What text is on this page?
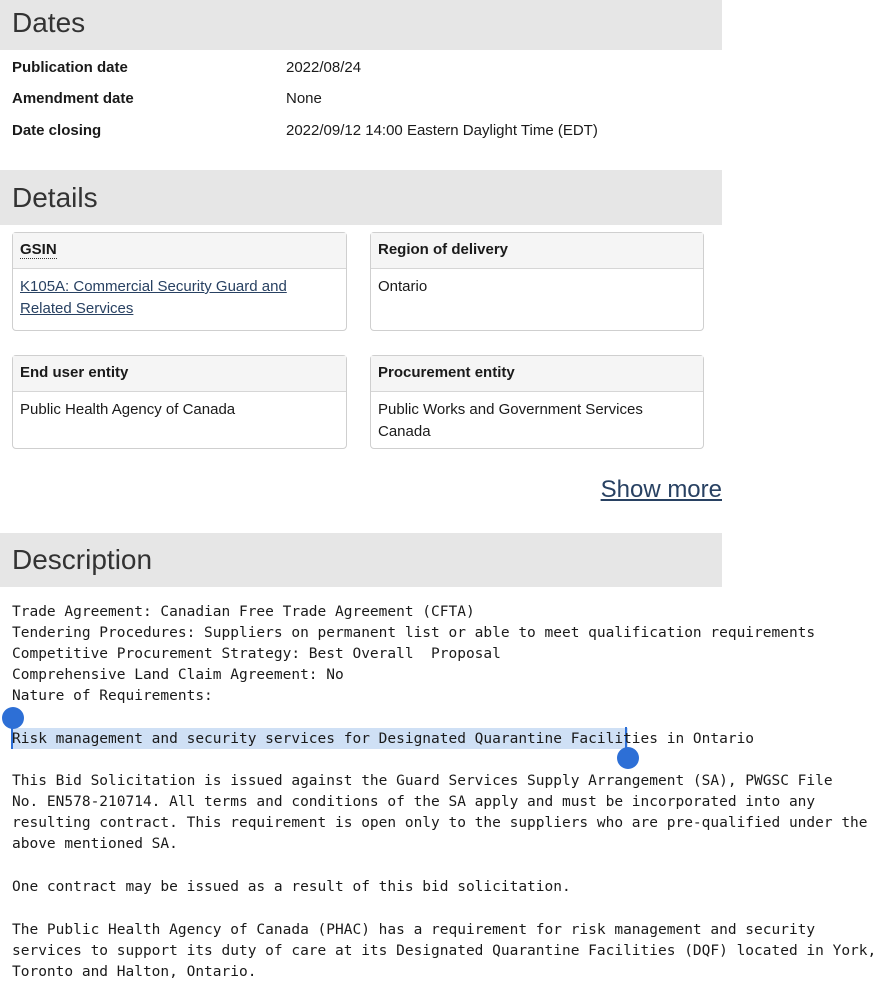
Dates
Publication date	2022/08/24
Amendment date	None
Date closing	2022/09/12 14:00 Eastern Daylight Time (EDT)
Details
GSIN
K105A: Commercial Security Guard and
Related Services
Region of delivery
Ontario
End user entity
Public Health Agency of Canada
Procurement entity
Public Works and Government Services
Canada
Show more
Description
Trade Agreement: Canadian Free Trade Agreement (CFTA)
Tendering Procedures: Suppliers on permanent list or able to meet qualification requirements
Competitive Procurement Strategy: Best Overall  Proposal
Comprehensive Land Claim Agreement: No
Nature of Requirements:
Risk management and security services for Designated Quarantine Facilities in Ontario
This Bid Solicitation is issued against the Guard Services Supply Arrangement (SA), PWGSC File
No. EN578-210714. All terms and conditions of the SA apply and must be incorporated into any
resulting contract. This requirement is open only to the suppliers who are pre-qualified under the
above mentioned SA.
One contract may be issued as a result of this bid solicitation.
The Public Health Agency of Canada (PHAC) has a requirement for risk management and security
services to support its duty of care at its Designated Quarantine Facilities (DQF) located in York,
Toronto and Halton, Ontario.
